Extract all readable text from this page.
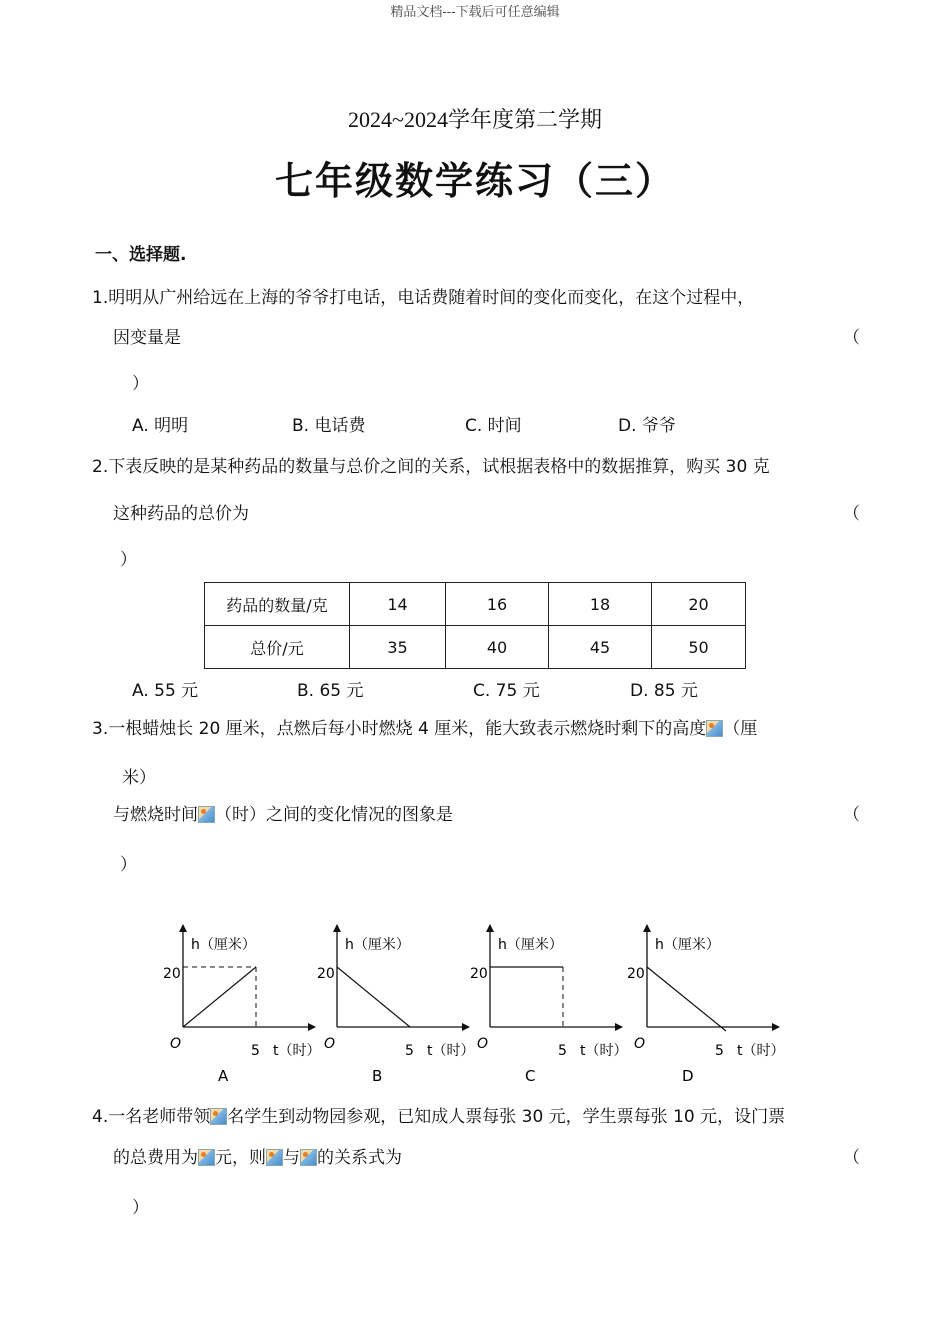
精品文档---下载后可任意编辑
2024~2024学年度第二学期
七年级数学练习（三）
一、选择题.
1.明明从广州给远在上海的爷爷打电话，电话费随着时间的变化而变化，在这个过程中，
因变量是	（
）
A. 明明	B. 电话费	C. 时间	D. 爷爷
2.下表反映的是某种药品的数量与总价之间的关系，试根据表格中的数据推算，购买 30 克
这种药品的总价为	（
）
药品的数量/克	14	16	18	20
总价/元	35	40	45	50
A. 55 元	B. 65 元	C. 75 元	D. 85 元
3.一根蜡烛长 20 厘米，点燃后每小时燃烧 4 厘米，能大致表示燃烧时剩下的高度 （厘
米）
与燃烧时间 （时）之间的变化情况的图象是	（
）
h（厘米）
20
O	5 t（时）
A
h（厘米）
20
O	5 t（时）
B
h（厘米）
20
O	5 t（时）
C
h（厘米）
20
O	5 t（时）
D
4.一名老师带领 名学生到动物园参观，已知成人票每张 30 元，学生票每张 10 元，设门票
的总费用为 元，则 与 的关系式为	（
）
